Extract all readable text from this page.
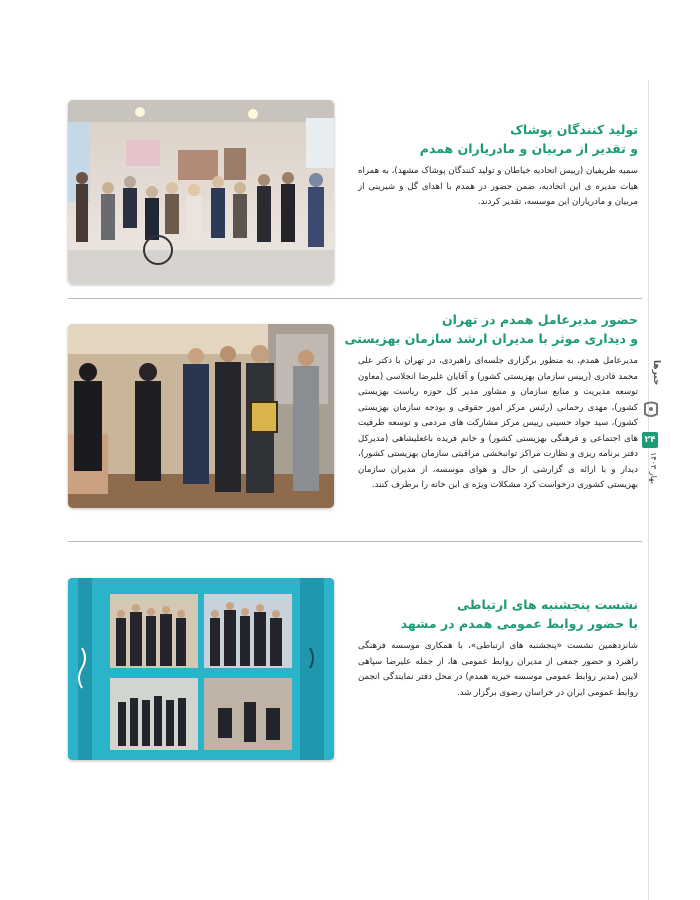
تولید کنندگان پوشاک
و تقدیر از مربیان و مادریاران همدم

سمیه ظریفیان (رییس اتحادیه خیاطان و تولید کنندگان پوشاک مشهد)، به همراه هیات مدیره ی این اتحادیه، ضمن حضور در همدم با اهدای گل و شیرینی از مربیان و مادریاران این موسسه، تقدیر کردند.

حضور مدیرعامل همدم در تهران
و دیداری موثر با مدیران ارشد سازمان بهزیستی

مدیرعامل همدم، به منظور برگزاری جلسه‌ای راهبردی، در تهران با دکتر علی محمد قادری (رییس سازمان بهزیستی کشور) و آقایان علیرضا انجلاسی (معاون توسعه مدیریت و منابع سازمان و مشاور مدیر کل حوزه ریاست بهزیستی کشور)، مهدی رحمانی (رئیس مرکز امور حقوقی و بودجه سازمان بهزیستی کشور)، سید جواد حسینی رییس مرکز مشارکت های مردمی و توسعه ظرفیت های اجتماعی و فرهنگی بهزیستی کشور) و خانم فریده باغعلیشاهی (مدیرکل دفتر برنامه ریزی و نظارت مراکز توانبخشی مراقبتی سازمان بهزیستی کشور)، دیدار و با ارائه ی گزارشی از حال و هوای موسسه، از مدیران سازمان بهزیستی کشوری درخواست کرد مشکلات ویژه ی این خانه را برطرف کنند.

نشست پنجشنبه های ارتباطی
با حضور روابط عمومی همدم در مشهد

شانزدهمین نشست «پنجشنبه های ارتباطی»، با همکاری موسسه فرهنگی راهبرد و حضور جمعی از مدیران روابط عمومی ها، از جمله علیرضا سپاهی لایین (مدیر روابط عمومی موسسه خیریه همدم) در محل دفتر نمایندگی انجمن روابط عمومی ایران در خراسان رضوی برگزار شد.

خبرها
۲۴
بهار ۱۴۰۳
